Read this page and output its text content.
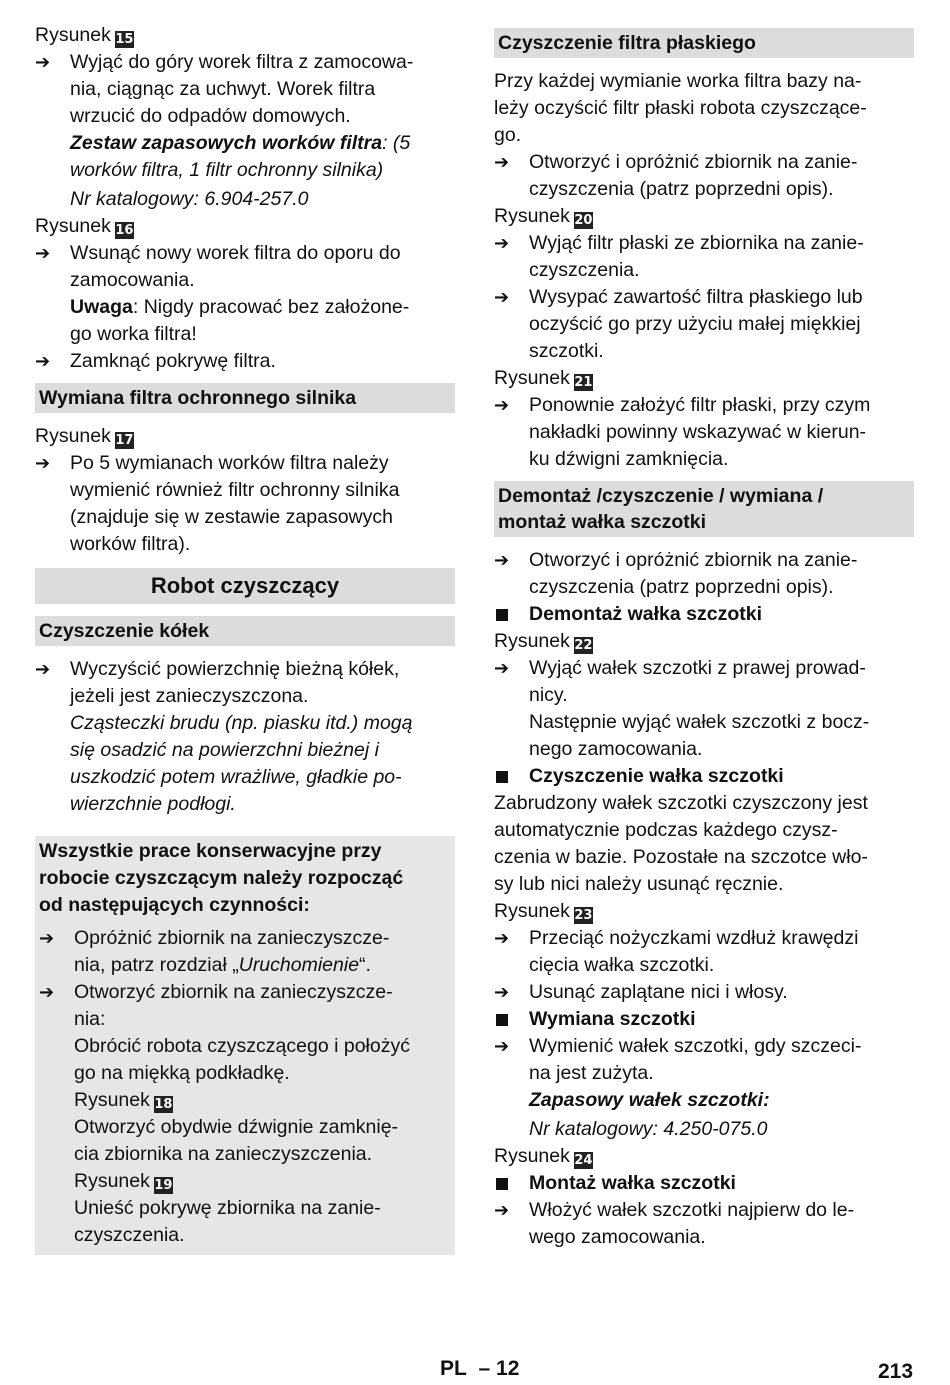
Rysunek 15
➔ Wyjąć do góry worek filtra z zamocowa-
nia, ciągnąc za uchwyt. Worek filtra
wrzucić do odpadów domowych.
Zestaw zapasowych worków filtra: (5
worków filtra, 1 filtr ochronny silnika)
Nr katalogowy: 6.904-257.0
Rysunek 16
➔ Wsunąć nowy worek filtra do oporu do
zamocowania.
Uwaga: Nigdy pracować bez założone-
go worka filtra!
➔ Zamknąć pokrywę filtra.
Wymiana filtra ochronnego silnika
Rysunek 17
➔ Po 5 wymianach worków filtra należy
wymienić również filtr ochronny silnika
(znajduje się w zestawie zapasowych
worków filtra).
Robot czyszczący
Czyszczenie kółek
➔ Wyczyścić powierzchnię bieżną kółek,
jeżeli jest zanieczyszczona.
Cząsteczki brudu (np. piasku itd.) mogą
się osadzić na powierzchni bieżnej i
uszkodzić potem wrażliwe, gładkie po-
wierzchnie podłogi.
Wszystkie prace konserwacyjne przy
robocie czyszczącym należy rozpocząć
od następujących czynności:
➔ Opróżnić zbiornik na zanieczyszcze-
nia, patrz rozdział „Uruchomienie“.
➔ Otworzyć zbiornik na zanieczyszcze-
nia:
Obrócić robota czyszczącego i położyć
go na miękką podkładkę.
Rysunek 18
Otworzyć obydwie dźwignie zamknię-
cia zbiornika na zanieczyszczenia.
Rysunek 19
Unieść pokrywę zbiornika na zanie-
czyszczenia.
Czyszczenie filtra płaskiego
Przy każdej wymianie worka filtra bazy na-
leży oczyścić filtr płaski robota czyszczące-
go.
➔ Otworzyć i opróżnić zbiornik na zanie-
czyszczenia (patrz poprzedni opis).
Rysunek 20
➔ Wyjąć filtr płaski ze zbiornika na zanie-
czyszczenia.
➔ Wysypać zawartość filtra płaskiego lub
oczyścić go przy użyciu małej miękkiej
szczotki.
Rysunek 21
➔ Ponownie założyć filtr płaski, przy czym
nakładki powinny wskazywać w kierun-
ku dźwigni zamknięcia.
Demontaż /czyszczenie / wymiana /
montaż wałka szczotki
➔ Otworzyć i opróżnić zbiornik na zanie-
czyszczenia (patrz poprzedni opis).
Demontaż wałka szczotki
Rysunek 22
➔ Wyjąć wałek szczotki z prawej prowad-
nicy.
Następnie wyjąć wałek szczotki z bocz-
nego zamocowania.
Czyszczenie wałka szczotki
Zabrudzony wałek szczotki czyszczony jest
automatycznie podczas każdego czysz-
czenia w bazie. Pozostałe na szczotce wło-
sy lub nici należy usunąć ręcznie.
Rysunek 23
➔ Przeciąć nożyczkami wzdłuż krawędzi
cięcia wałka szczotki.
➔ Usunąć zaplątane nici i włosy.
Wymiana szczotki
➔ Wymienić wałek szczotki, gdy szczeci-
na jest zużyta.
Zapasowy wałek szczotki:
Nr katalogowy: 4.250-075.0
Rysunek 24
Montaż wałka szczotki
➔ Włożyć wałek szczotki najpierw do le-
wego zamocowania.
PL – 12	213
